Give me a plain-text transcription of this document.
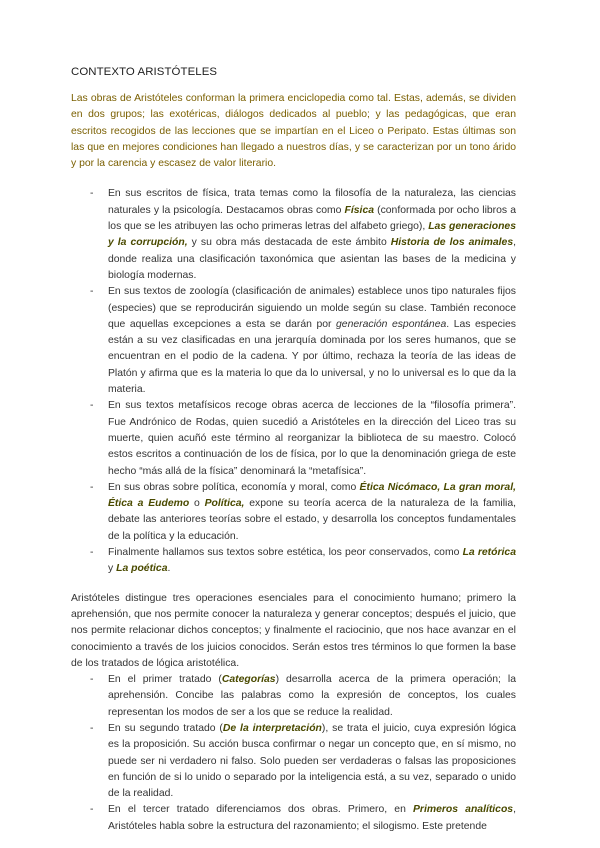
CONTEXTO ARISTÓTELES

Las obras de Aristóteles conforman la primera enciclopedia como tal. Estas, además, se dividen en dos grupos; las exotéricas, diálogos dedicados al pueblo; y las pedagógicas, que eran escritos recogidos de las lecciones que se impartían en el Liceo o Peripato. Estas últimas son las que en mejores condiciones han llegado a nuestros días, y se caracterizan por un tono árido y por la carencia y escasez de valor literario.

- En sus escritos de física, trata temas como la filosofía de la naturaleza, las ciencias naturales y la psicología. Destacamos obras como Física (conformada por ocho libros a los que se les atribuyen las ocho primeras letras del alfabeto griego), Las generaciones y la corrupción, y su obra más destacada de este ámbito Historia de los animales, donde realiza una clasificación taxonómica que asientan las bases de la medicina y biología modernas.
- En sus textos de zoología (clasificación de animales) establece unos tipo naturales fijos (especies) que se reproducirán siguiendo un molde según su clase. También reconoce que aquellas excepciones a esta se darán por generación espontánea. Las especies están a su vez clasificadas en una jerarquía dominada por los seres humanos, que se encuentran en el podio de la cadena. Y por último, rechaza la teoría de las ideas de Platón y afirma que es la materia lo que da lo universal, y no lo universal es lo que da la materia.
- En sus textos metafísicos recoge obras acerca de lecciones de la “filosofía primera”. Fue Andrónico de Rodas, quien sucedió a Aristóteles en la dirección del Liceo tras su muerte, quien acuñó este término al reorganizar la biblioteca de su maestro. Colocó estos escritos a continuación de los de física, por lo que la denominación griega de este hecho “más allá de la física” denominará la “metafísica”.
- En sus obras sobre política, economía y moral, como Ética Nicómaco, La gran moral, Ética a Eudemo o Política, expone su teoría acerca de la naturaleza de la familia, debate las anteriores teorías sobre el estado, y desarrolla los conceptos fundamentales de la política y la educación.
- Finalmente hallamos sus textos sobre estética, los peor conservados, como La retórica y La poética.

Aristóteles distingue tres operaciones esenciales para el conocimiento humano; primero la aprehensión, que nos permite conocer la naturaleza y generar conceptos; después el juicio, que nos permite relacionar dichos conceptos; y finalmente el raciocinio, que nos hace avanzar en el conocimiento a través de los juicios conocidos. Serán estos tres términos lo que formen la base de los tratados de lógica aristotélica.

- En el primer tratado (Categorías) desarrolla acerca de la primera operación; la aprehensión. Concibe las palabras como la expresión de conceptos, los cuales representan los modos de ser a los que se reduce la realidad.
- En su segundo tratado (De la interpretación), se trata el juicio, cuya expresión lógica es la proposición. Su acción busca confirmar o negar un concepto que, en sí mismo, no puede ser ni verdadero ni falso. Solo pueden ser verdaderas o falsas las proposiciones en función de si lo unido o separado por la inteligencia está, a su vez, separado o unido de la realidad.
- En el tercer tratado diferenciamos dos obras. Primero, en Primeros analíticos, Aristóteles habla sobre la estructura del razonamiento; el silogismo. Este pretende
